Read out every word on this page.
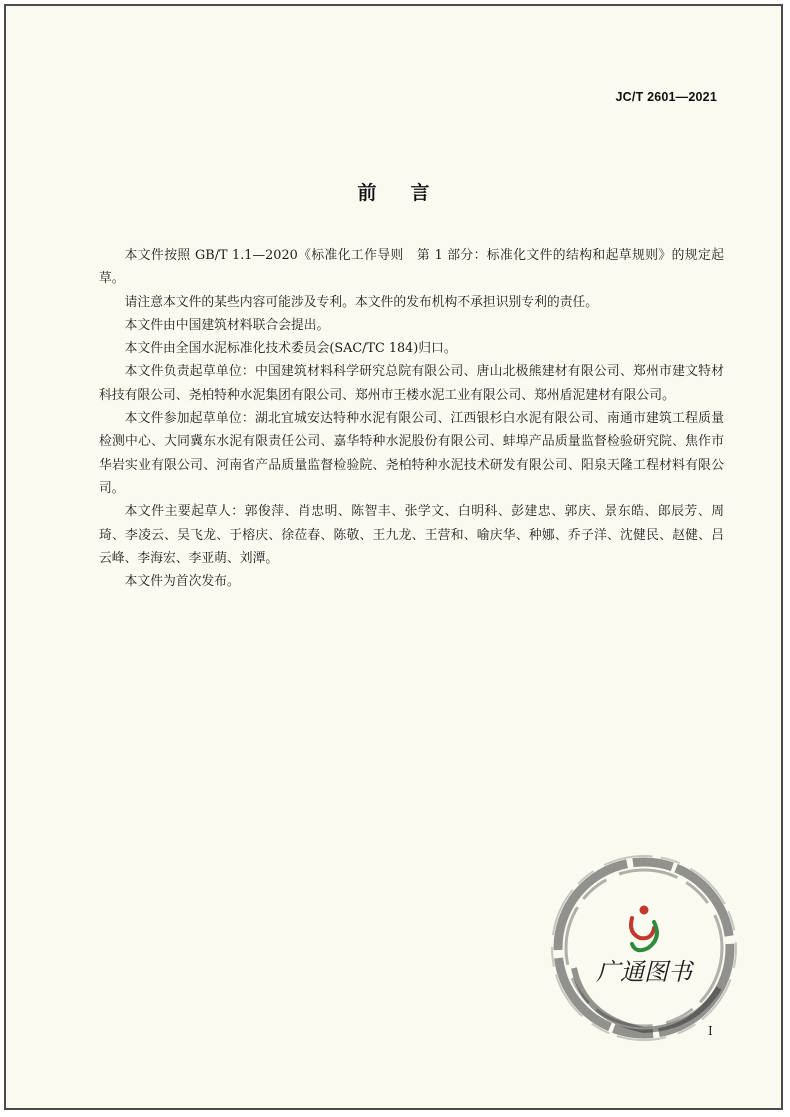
JC/T 2601—2021
前 言

本文件按照 GB/T 1.1—2020《标准化工作导则　第 1 部分：标准化文件的结构和起草规则》的规定起草。

请注意本文件的某些内容可能涉及专利。本文件的发布机构不承担识别专利的责任。

本文件由中国建筑材料联合会提出。

本文件由全国水泥标准化技术委员会(SAC/TC 184)归口。

本文件负责起草单位：中国建筑材料科学研究总院有限公司、唐山北极熊建材有限公司、郑州市建文特材科技有限公司、尧柏特种水泥集团有限公司、郑州市王楼水泥工业有限公司、郑州盾泥建材有限公司。

本文件参加起草单位：湖北宜城安达特种水泥有限公司、江西银杉白水泥有限公司、南通市建筑工程质量检测中心、大同冀东水泥有限责任公司、嘉华特种水泥股份有限公司、蚌埠产品质量监督检验研究院、焦作市华岩实业有限公司、河南省产品质量监督检验院、尧柏特种水泥技术研发有限公司、阳泉天隆工程材料有限公司。

本文件主要起草人：郭俊萍、肖忠明、陈智丰、张学文、白明科、彭建忠、郭庆、景东皓、郎辰芳、周琦、李凌云、吴飞龙、于榕庆、徐莅春、陈敬、王九龙、王营和、喻庆华、种娜、乔子洋、沈健民、赵健、吕云峰、李海宏、李亚萌、刘潭。

本文件为首次发布。

广通图书
I
